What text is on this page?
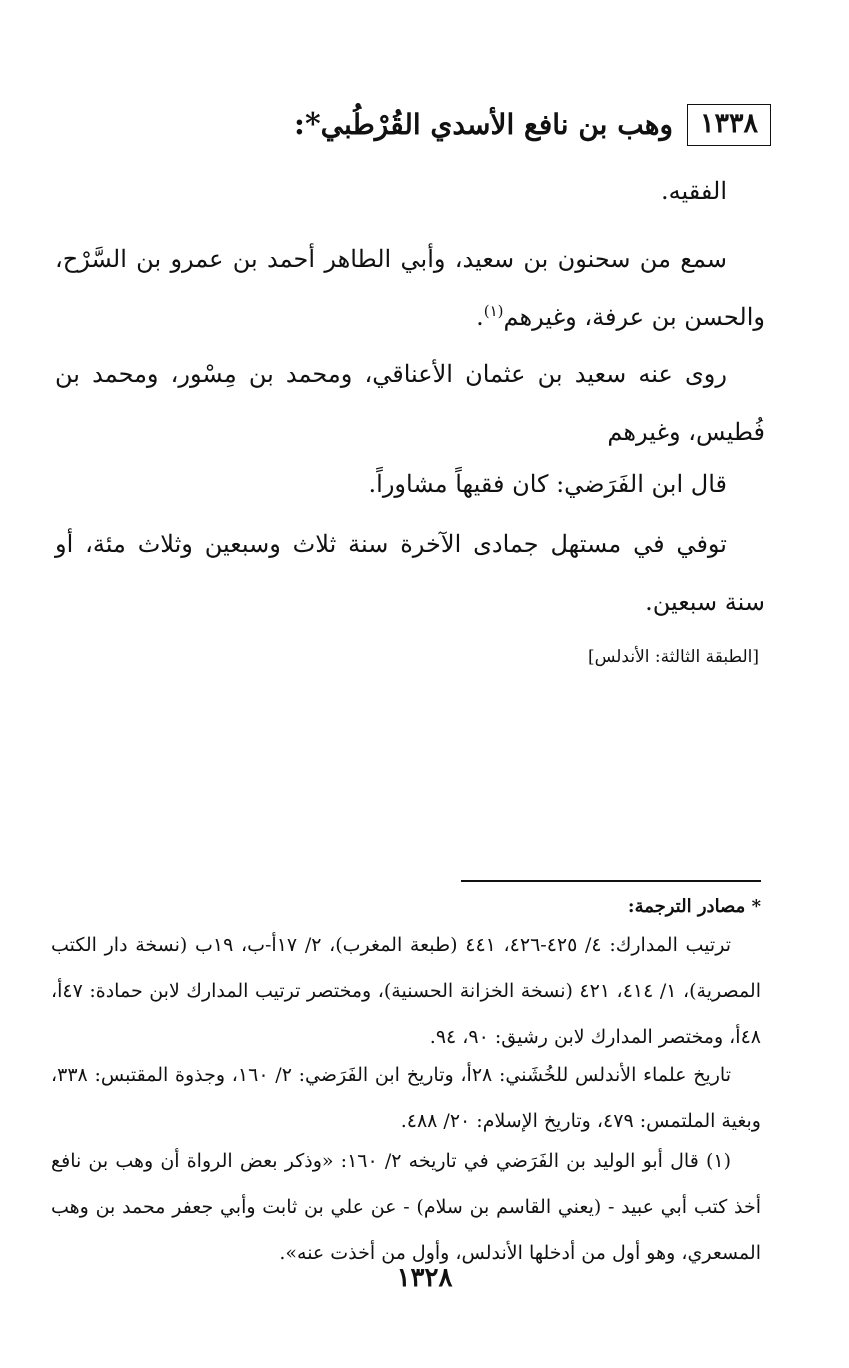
١٣٣٨
وهب بن نافع الأسدي القُرْطُبي*:

الفقيه.

سمع من سحنون بن سعيد، وأبي الطاهر أحمد بن عمرو بن السَّرْح، والحسن بن عرفة، وغيرهم$^{(١)}$.

روى عنه سعيد بن عثمان الأعناقي، ومحمد بن مِسْور، ومحمد بن فُطيس، وغيرهم

قال ابن الفَرَضي: كان فقيهاً مشاوراً.

توفي في مستهل جمادى الآخرة سنة ثلاث وسبعين وثلاث مئة، أو سنة سبعين.

[الطبقة الثالثة: الأندلس]
* مصادر الترجمة:

ترتيب المدارك: ٤/ ٤٢٥-٤٢٦، ٤٤١ (طبعة المغرب)، ٢/ ١٧أ-ب، ١٩ب (نسخة دار الكتب المصرية)، ١/ ٤١٤، ٤٢١ (نسخة الخزانة الحسنية)، ومختصر ترتيب المدارك لابن حمادة: ٤٧أ، ٤٨أ، ومختصر المدارك لابن رشيق: ٩٠، ٩٤.

تاريخ علماء الأندلس للخُشَني: ٢٨أ، وتاريخ ابن الفَرَضي: ٢/ ١٦٠، وجذوة المقتبس: ٣٣٨، وبغية الملتمس: ٤٧٩، وتاريخ الإسلام: ٢٠/ ٤٨٨.

(١) قال أبو الوليد بن الفَرَضي في تاريخه ٢/ ١٦٠: «وذكر بعض الرواة أن وهب بن نافع أخذ كتب أبي عبيد - (يعني القاسم بن سلام) - عن علي بن ثابت وأبي جعفر محمد بن وهب المسعري، وهو أول من أدخلها الأندلس، وأول من أخذت عنه».

١٣٢٨
